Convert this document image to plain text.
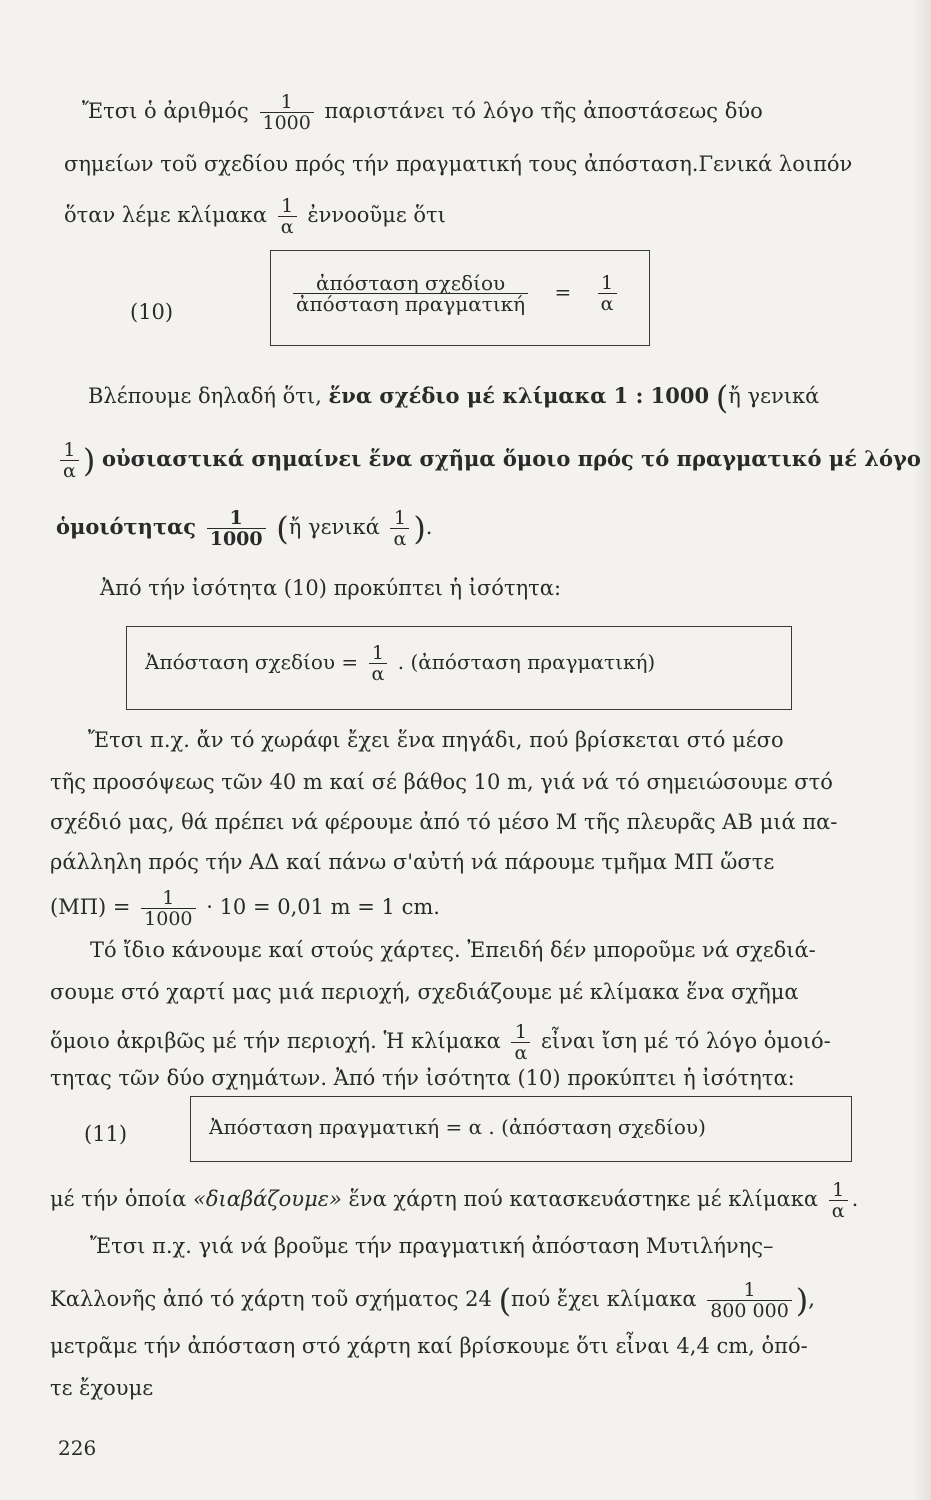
Ἔτσι ὁ ἀριθμός $\frac{1}{1000}$ παριστάνει τό λόγο τῆς ἀποστάσεως δύο
σημείων τοῦ σχεδίου πρός τήν πραγματική τους ἀπόσταση.Γενικά λοιπόν
ὅταν λέμε κλίμακα $\frac{1}{\alpha}$ ἐννοοῦμε ὅτι
(10)	$\frac{\text{ἀπόσταση σχεδίου}}{\text{ἀπόσταση πραγματική}} = \frac{1}{\alpha}$
Βλέπουμε δηλαδή ὅτι, ἕνα σχέδιο μέ κλίμακα 1 : 1000 (ἤ γενικά
$\frac{1}{\alpha}$ ) οὐσιαστικά σημαίνει ἕνα σχῆμα ὅμοιο πρός τό πραγματικό μέ λόγο
ὁμοιότητας $\frac{1}{1000}$ (ἤ γενικά $\frac{1}{\alpha}$ ).
Ἀπό τήν ἰσότητα (10) προκύπτει ἡ ἰσότητα:
Ἀπόσταση $\sigma\chi\varepsilon\delta ίo\upsilon = \frac{1}{\alpha}$ . (ἀπόσταση πραγματική)
Ἔτσι π.χ. ἄν τό χωράφι ἔχει ἕνα πηγάδι, πού βρίσκεται στό μέσο
τῆς προσόψεως τῶν 40 m καί σέ βάθος 10 m, γιά νά τό σημειώσουμε στό
σχέδιό μας, θά πρέπει νά φέρουμε ἀπό τό μέσο Μ τῆς πλευρᾶς ΑΒ μιά πα-
ράλληλη πρός τήν ΑΔ καί πάνω σ'αὐτή νά πάρουμε τμῆμα ΜΠ ὥστε
$(M\Pi) = \frac{1}{1000} \cdot 10 = 0,01$ m = 1 cm.
Τό ἴδιο κάνουμε καί στούς χάρτες. Ἐπειδή δέν μποροῦμε νά σχεδιά-
σουμε στό χαρτί μας μιά περιοχή, σχεδιάζουμε μέ κλίμακα ἕνα σχῆμα
ὅμοιο ἀκριβῶς μέ τήν περιοχή. Ἡ κλίμακα $\frac{1}{\alpha}$ εἶναι ἴση μέ τό λόγο ὁμοιό-
τητας τῶν δύο σχημάτων. Ἀπό τήν ἰσότητα (10) προκύπτει ἡ ἰσότητα:
(11)	Ἀπόσταση πραγματική = α . (ἀπόσταση σχεδίου)
μέ τήν ὁποία «διαβάζουμε» ἕνα χάρτη πού κατασκευάστηκε μέ κλίμακα $\frac{1}{\alpha}$ .
Ἔτσι π.χ. γιά νά βροῦμε τήν πραγματική ἀπόσταση Μυτιλήνης–
Καλλονῆς ἀπό τό χάρτη τοῦ σχήματος 24 (πού ἔχει κλίμακα $\frac{1}{800 000}$ ),
μετρᾶμε τήν ἀπόσταση στό χάρτη καί βρίσκουμε ὅτι εἶναι 4,4 cm, ὁπό-
τε ἔχουμε
226
